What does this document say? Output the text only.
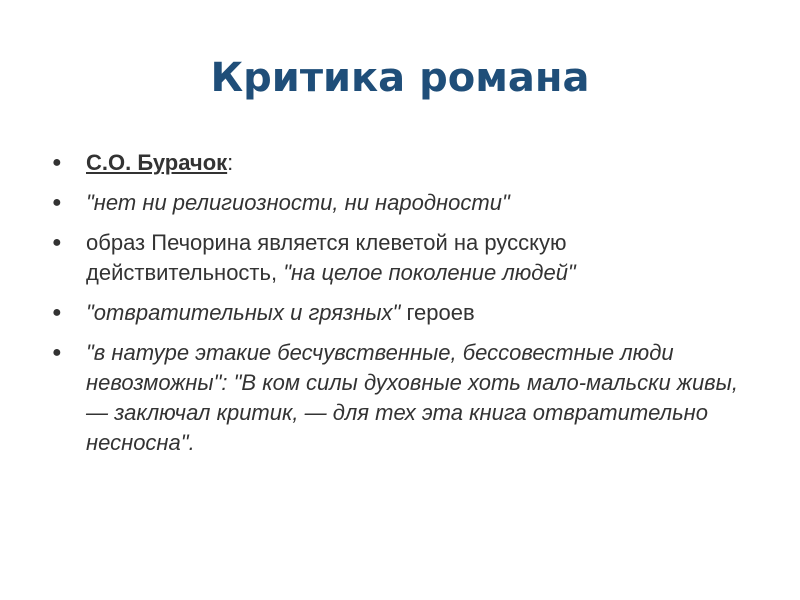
Критика романа
● С.О. Бурачок:
● "нет ни религиозности, ни народности"
● образ Печорина является клеветой на русскую действительность, "на целое поколение людей"
● "отвратительных и грязных" героев
● "в натуре этакие бесчувственные, бессовестные люди невозможны": "В ком силы духовные хоть мало-мальски живы, — заключал критик, — для тех эта книга отвратительно несносна".
